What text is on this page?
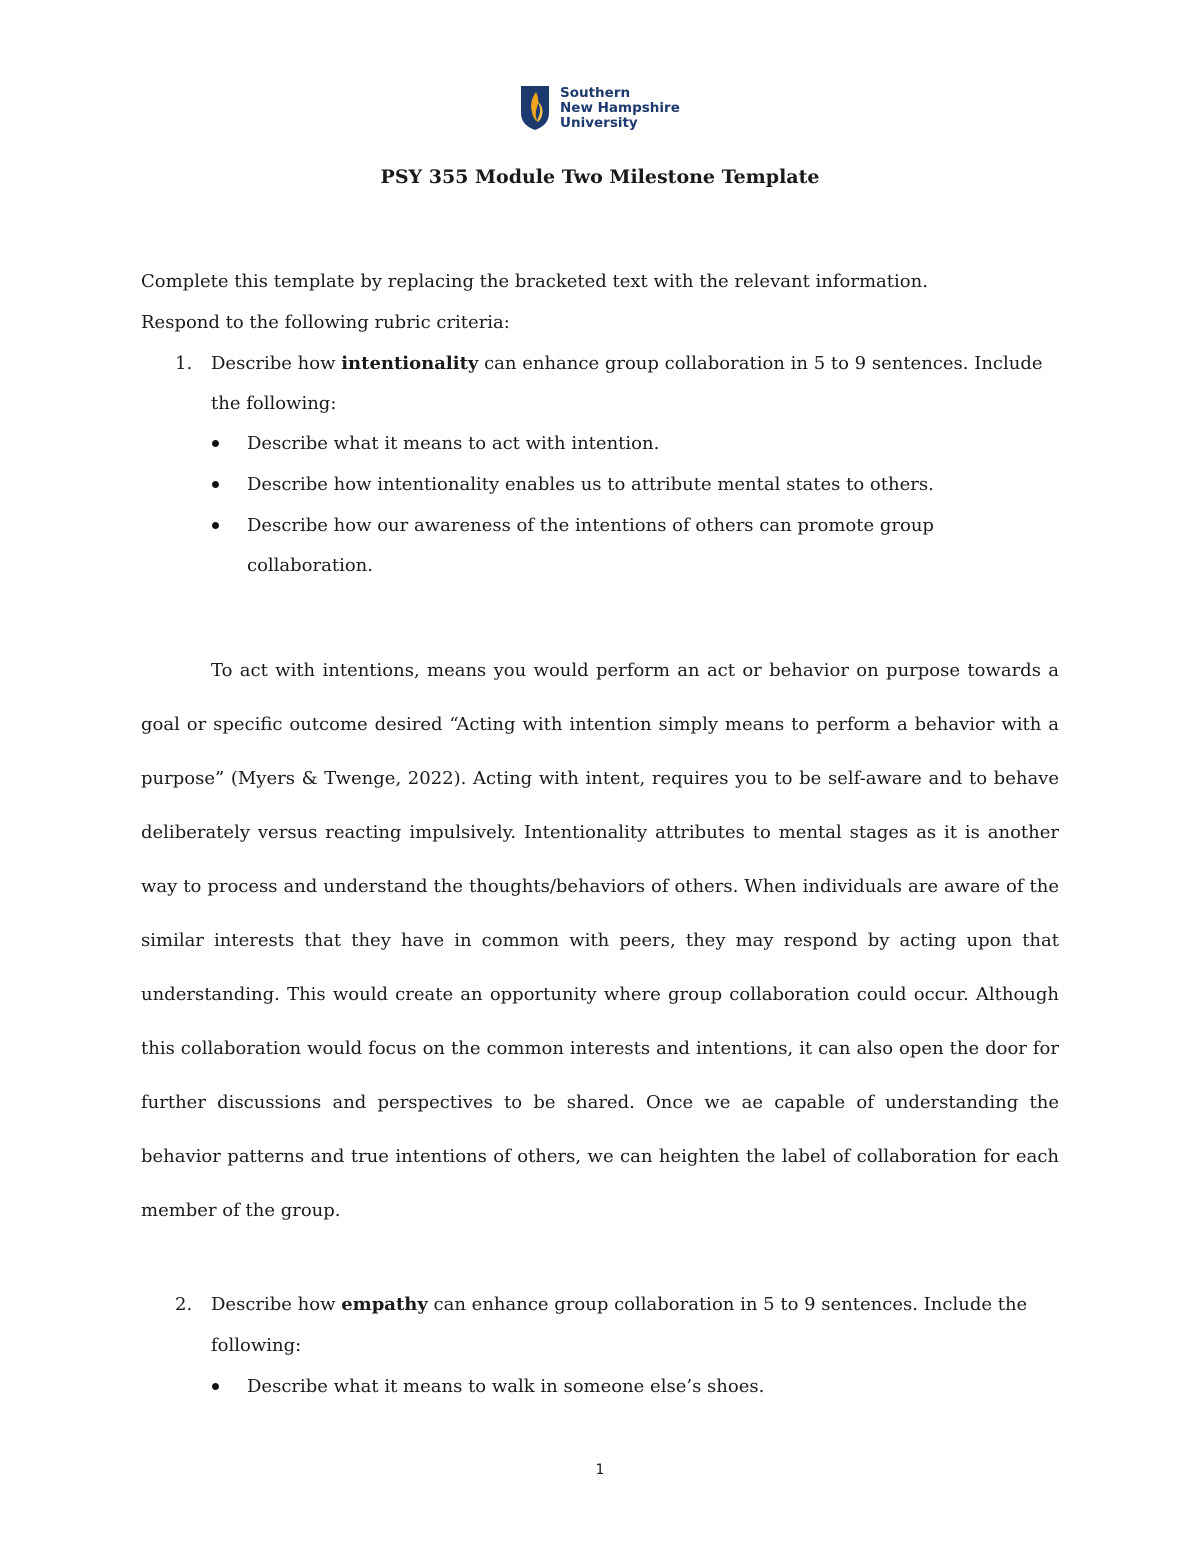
Southern
New Hampshire
University
PSY 355 Module Two Milestone Template
Complete this template by replacing the bracketed text with the relevant information.
Respond to the following rubric criteria:
1. Describe how intentionality can enhance group collaboration in 5 to 9 sentences. Include
the following:
Describe what it means to act with intention.
Describe how intentionality enables us to attribute mental states to others.
Describe how our awareness of the intentions of others can promote group
collaboration.
To act with intentions, means you would perform an act or behavior on purpose towards a goal or specific outcome desired “Acting with intention simply means to perform a behavior with a purpose” (Myers & Twenge, 2022). Acting with intent, requires you to be self-aware and to behave deliberately versus reacting impulsively. Intentionality attributes to mental stages as it is another way to process and understand the thoughts/behaviors of others. When individuals are aware of the similar interests that they have in common with peers, they may respond by acting upon that understanding. This would create an opportunity where group collaboration could occur. Although this collaboration would focus on the common interests and intentions, it can also open the door for further discussions and perspectives to be shared. Once we ae capable of understanding the behavior patterns and true intentions of others, we can heighten the label of collaboration for each member of the group.
2. Describe how empathy can enhance group collaboration in 5 to 9 sentences. Include the
following:
Describe what it means to walk in someone else’s shoes.
1
